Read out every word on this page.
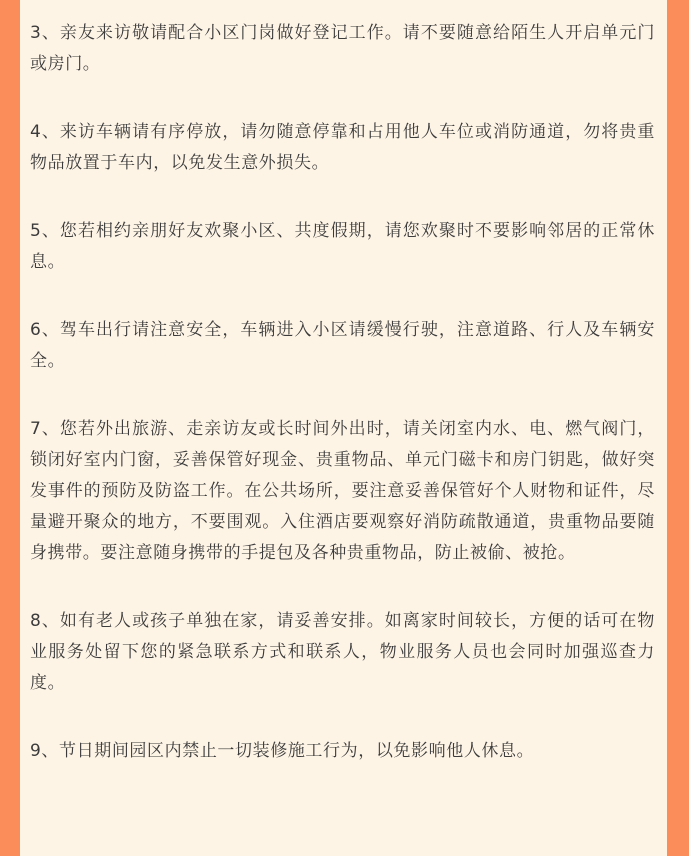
3、亲友来访敬请配合小区门岗做好登记工作。请不要随意给陌生人开启单元门或房门。

4、来访车辆请有序停放，请勿随意停靠和占用他人车位或消防通道，勿将贵重物品放置于车内，以免发生意外损失。

5、您若相约亲朋好友欢聚小区、共度假期，请您欢聚时不要影响邻居的正常休息。

6、驾车出行请注意安全，车辆进入小区请缓慢行驶，注意道路、行人及车辆安全。

7、您若外出旅游、走亲访友或长时间外出时，请关闭室内水、电、燃气阀门，锁闭好室内门窗，妥善保管好现金、贵重物品、单元门磁卡和房门钥匙，做好突发事件的预防及防盗工作。在公共场所，要注意妥善保管好个人财物和证件，尽量避开聚众的地方，不要围观。入住酒店要观察好消防疏散通道，贵重物品要随身携带。要注意随身携带的手提包及各种贵重物品，防止被偷、被抢。

8、如有老人或孩子单独在家，请妥善安排。如离家时间较长，方便的话可在物业服务处留下您的紧急联系方式和联系人，物业服务人员也会同时加强巡查力度。

9、节日期间园区内禁止一切装修施工行为，以免影响他人休息。
